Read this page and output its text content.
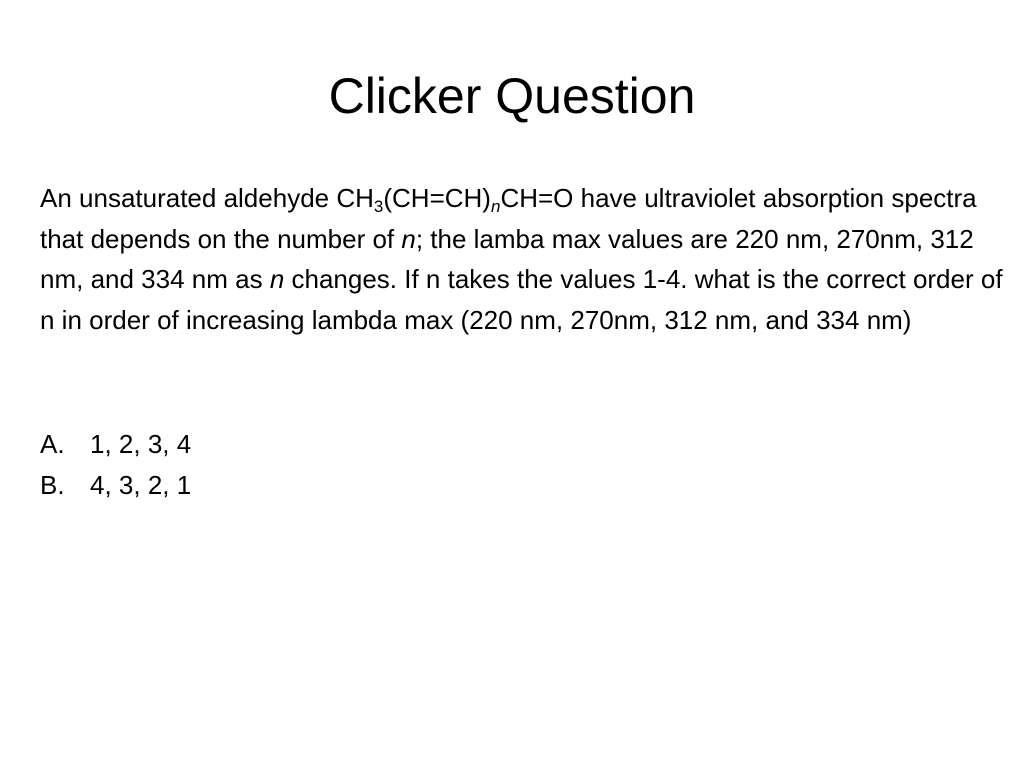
Clicker Question

An unsaturated aldehyde $CH_3(CH=CH)_nCH=O$ have ultraviolet absorption spectra that depends on the number of n; the lamba max values are 220 nm, 270nm, 312 nm, and 334 nm as n changes. If n takes the values 1-4. what is the correct order of n in order of increasing lambda max (220 nm, 270nm, 312 nm, and 334 nm)

A. 1, 2, 3, 4
B. 4, 3, 2, 1
